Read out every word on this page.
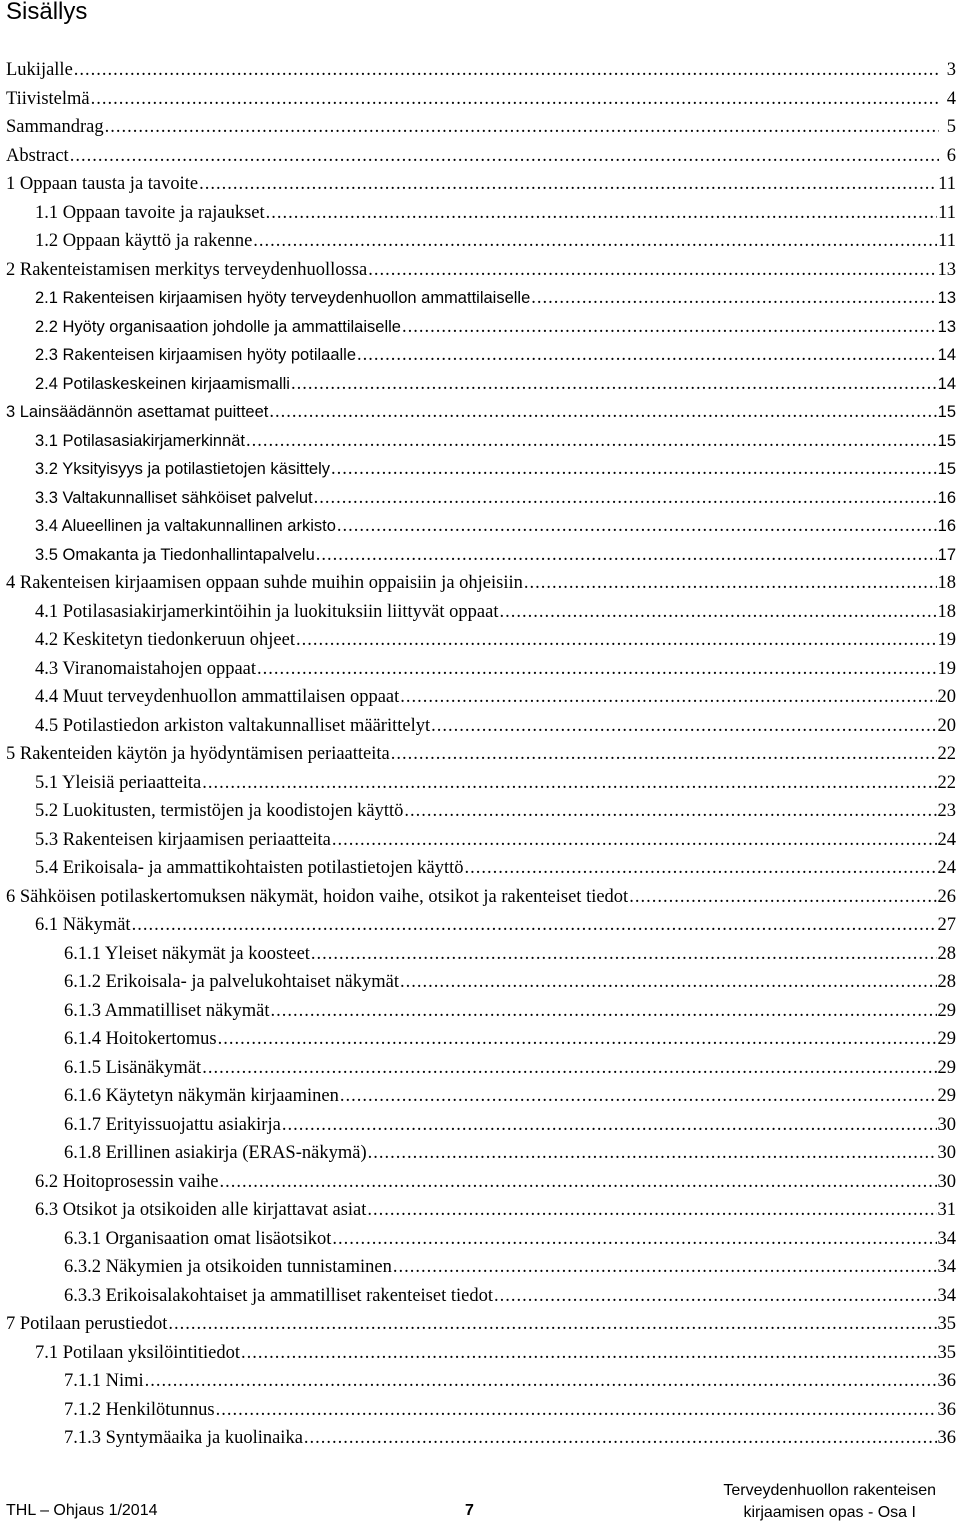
Sisällys
Lukijalle .....	3
Tiivistelmä .....	4
Sammandrag .....	5
Abstract .....	6
1 Oppaan tausta ja tavoite .....	11
1.1 Oppaan tavoite ja rajaukset .....	11
1.2 Oppaan käyttö ja rakenne .....	11
2 Rakenteistamisen merkitys terveydenhuollossa .....	13
2.1 Rakenteisen kirjaamisen hyöty terveydenhuollon ammattilaiselle .....	13
2.2 Hyöty organisaation johdolle ja ammattilaiselle .....	13
2.3 Rakenteisen kirjaamisen hyöty potilaalle .....	14
2.4 Potilaskeskeinen kirjaamismalli .....	14
3 Lainsäädännön asettamat puitteet .....	15
3.1 Potilasasiakirjamerkinnät .....	15
3.2 Yksityisyys ja potilastietojen käsittely .....	15
3.3 Valtakunnalliset sähköiset palvelut .....	16
3.4 Alueellinen ja valtakunnallinen arkisto .....	16
3.5 Omakanta ja Tiedonhallintapalvelu .....	17
4 Rakenteisen kirjaamisen oppaan suhde muihin oppaisiin ja ohjeisiin .....	18
4.1 Potilasasiakirjamerkintöihin ja luokituksiin liittyvät oppaat .....	18
4.2 Keskitetyn tiedonkeruun ohjeet .....	19
4.3 Viranomaistahojen oppaat .....	19
4.4 Muut terveydenhuollon ammattilaisen oppaat .....	20
4.5 Potilastiedon arkiston valtakunnalliset määrittelyt .....	20
5 Rakenteiden käytön ja hyödyntämisen periaatteita .....	22
5.1 Yleisiä periaatteita .....	22
5.2 Luokitusten, termistöjen ja koodistojen käyttö .....	23
5.3 Rakenteisen kirjaamisen periaatteita .....	24
5.4 Erikoisala- ja ammattikohtaisten potilastietojen käyttö .....	24
6 Sähköisen potilaskertomuksen näkymät, hoidon vaihe, otsikot ja rakenteiset tiedot .....	26
6.1 Näkymät .....	27
6.1.1 Yleiset näkymät ja koosteet .....	28
6.1.2 Erikoisala- ja palvelukohtaiset näkymät .....	28
6.1.3 Ammatilliset näkymät .....	29
6.1.4 Hoitokertomus .....	29
6.1.5 Lisänäkymät .....	29
6.1.6 Käytetyn näkymän kirjaaminen .....	29
6.1.7 Erityissuojattu asiakirja .....	30
6.1.8 Erillinen asiakirja (ERAS-näkymä) .....	30
6.2 Hoitoprosessin vaihe .....	30
6.3 Otsikot ja otsikoiden alle kirjattavat asiat .....	31
6.3.1 Organisaation omat lisäotsikot .....	34
6.3.2 Näkymien ja otsikoiden tunnistaminen .....	34
6.3.3 Erikoisalakohtaiset ja ammatilliset rakenteiset tiedot .....	34
7 Potilaan perustiedot .....	35
7.1 Potilaan yksilöintitiedot .....	35
7.1.1 Nimi .....	36
7.1.2 Henkilötunnus .....	36
7.1.3 Syntymäaika ja kuolinaika .....	36
THL – Ohjaus 1/2014	7
Terveydenhuollon rakenteisen
kirjaamisen opas - Osa I
